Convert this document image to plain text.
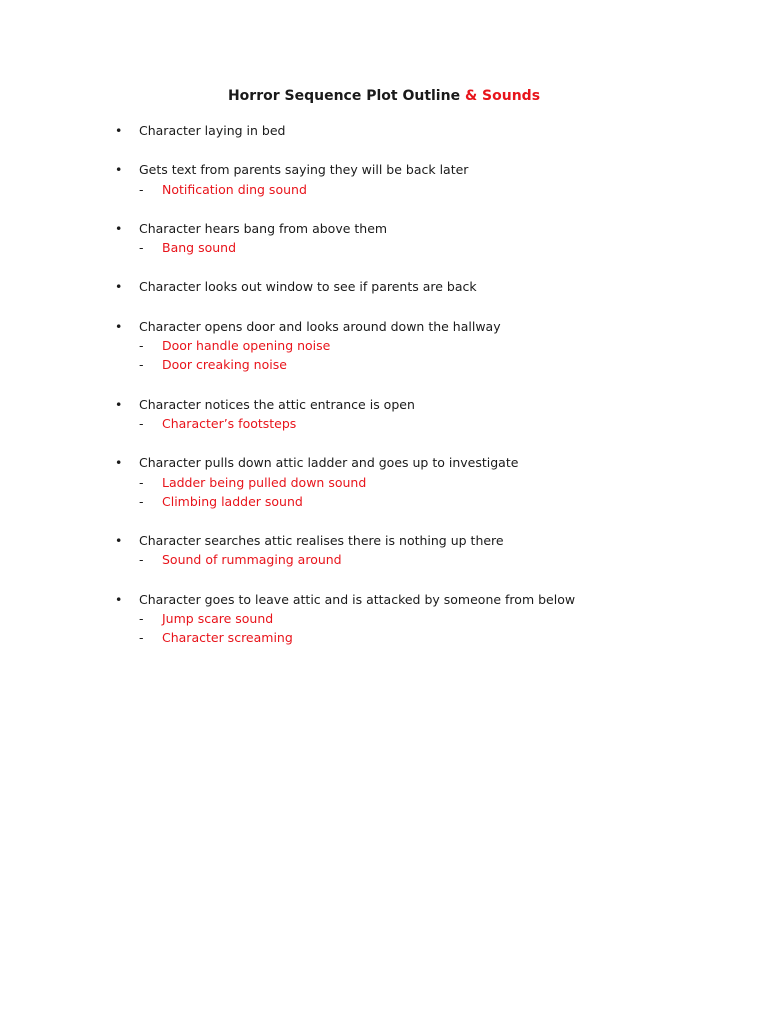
Horror Sequence Plot Outline & Sounds
• Character laying in bed
• Gets text from parents saying they will be back later
- Notification ding sound
• Character hears bang from above them
- Bang sound
• Character looks out window to see if parents are back
• Character opens door and looks around down the hallway
- Door handle opening noise
- Door creaking noise
• Character notices the attic entrance is open
- Character’s footsteps
• Character pulls down attic ladder and goes up to investigate
- Ladder being pulled down sound
- Climbing ladder sound
• Character searches attic realises there is nothing up there
- Sound of rummaging around
• Character goes to leave attic and is attacked by someone from below
- Jump scare sound
- Character screaming
